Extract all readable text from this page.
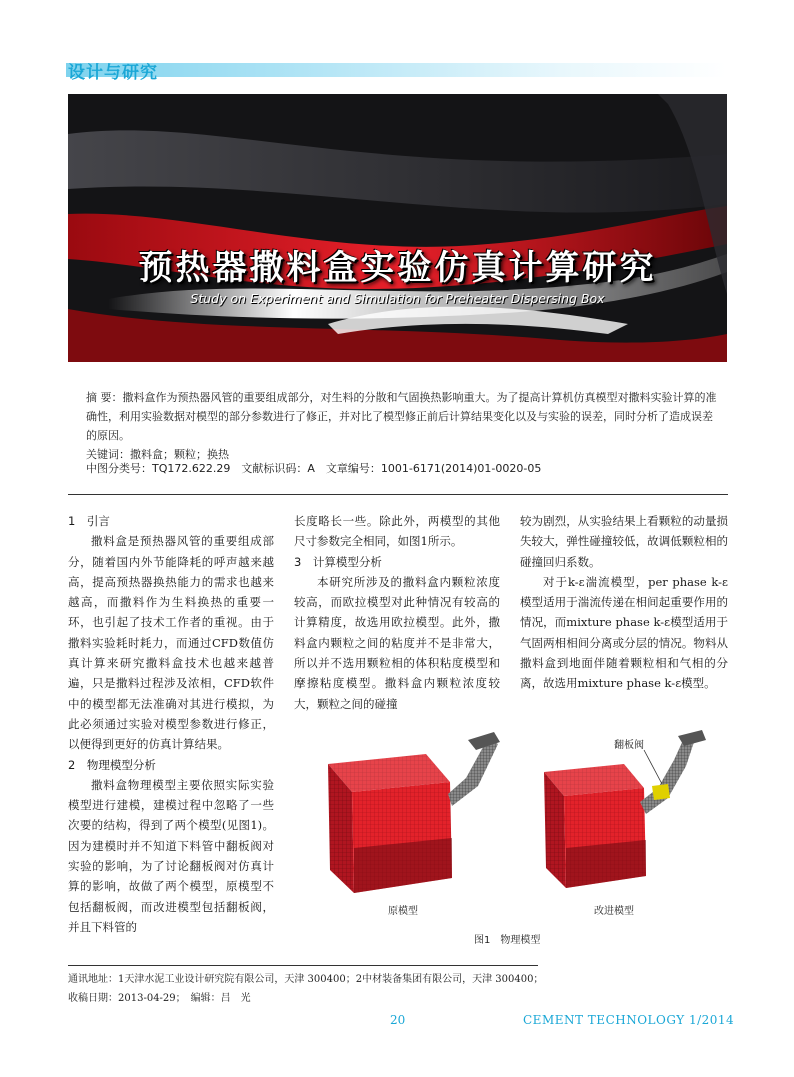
设计与研究
预热器撒料盒实验仿真计算研究
Study on Experiment and Simulation for Preheater Dispersing Box

摘 要：撒料盒作为预热器风管的重要组成部分，对生料的分散和气固换热影响重大。为了提高计算机仿真模型对撒料实验计算的准确性，利用实验数据对模型的部分参数进行了修正，并对比了模型修正前后计算结果变化以及与实验的误差，同时分析了造成误差的原因。

关键词：撒料盒；颗粒；换热

中图分类号：TQ172.622.29　文献标识码：A　文章编号：1001-6171(2014)01-0020-05

1　引言

撒料盒是预热器风管的重要组成部分，随着国内外节能降耗的呼声越来越高，提高预热器换热能力的需求也越来越高，而撒料作为生料换热的重要一环，也引起了技术工作者的重视。由于撒料实验耗时耗力，而通过CFD数值仿真计算来研究撒料盒技术也越来越普遍，只是撒料过程涉及浓相，CFD软件中的模型都无法准确对其进行模拟，为此必须通过实验对模型参数进行修正，以便得到更好的仿真计算结果。

2　物理模型分析

撒料盒物理模型主要依照实际实验模型进行建模，建模过程中忽略了一些次要的结构，得到了两个模型(见图1)。因为建模时并不知道下料管中翻板阀对实验的影响，为了讨论翻板阀对仿真计算的影响，故做了两个模型，原模型不包括翻板阀，而改进模型包括翻板阀，并且下料管的

长度略长一些。除此外，两模型的其他尺寸参数完全相同，如图1所示。

3　计算模型分析

本研究所涉及的撒料盒内颗粒浓度较高，而欧拉模型对此种情况有较高的计算精度，故选用欧拉模型。此外，撒料盒内颗粒之间的粘度并不是非常大，所以并不选用颗粒相的体积粘度模型和摩擦粘度模型。撒料盒内颗粒浓度较大，颗粒之间的碰撞

较为剧烈，从实验结果上看颗粒的动量损失较大，弹性碰撞较低，故调低颗粒相的碰撞回归系数。

对于k-ε湍流模型，per phase k-ε模型适用于湍流传递在相间起重要作用的情况，而mixture phase k-ε模型适用于气固两相相间分离或分层的情况。物料从撒料盒到地面伴随着颗粒相和气相的分离，故选用mixture phase k-ε模型。

翻板阀
原模型	改进模型
图1　物理模型

通讯地址：1天津水泥工业设计研究院有限公司，天津 300400；2中材装备集团有限公司，天津 300400；

收稿日期：2013-04-29；　编辑：吕　光

20	CEMENT TECHNOLOGY 1/2014
